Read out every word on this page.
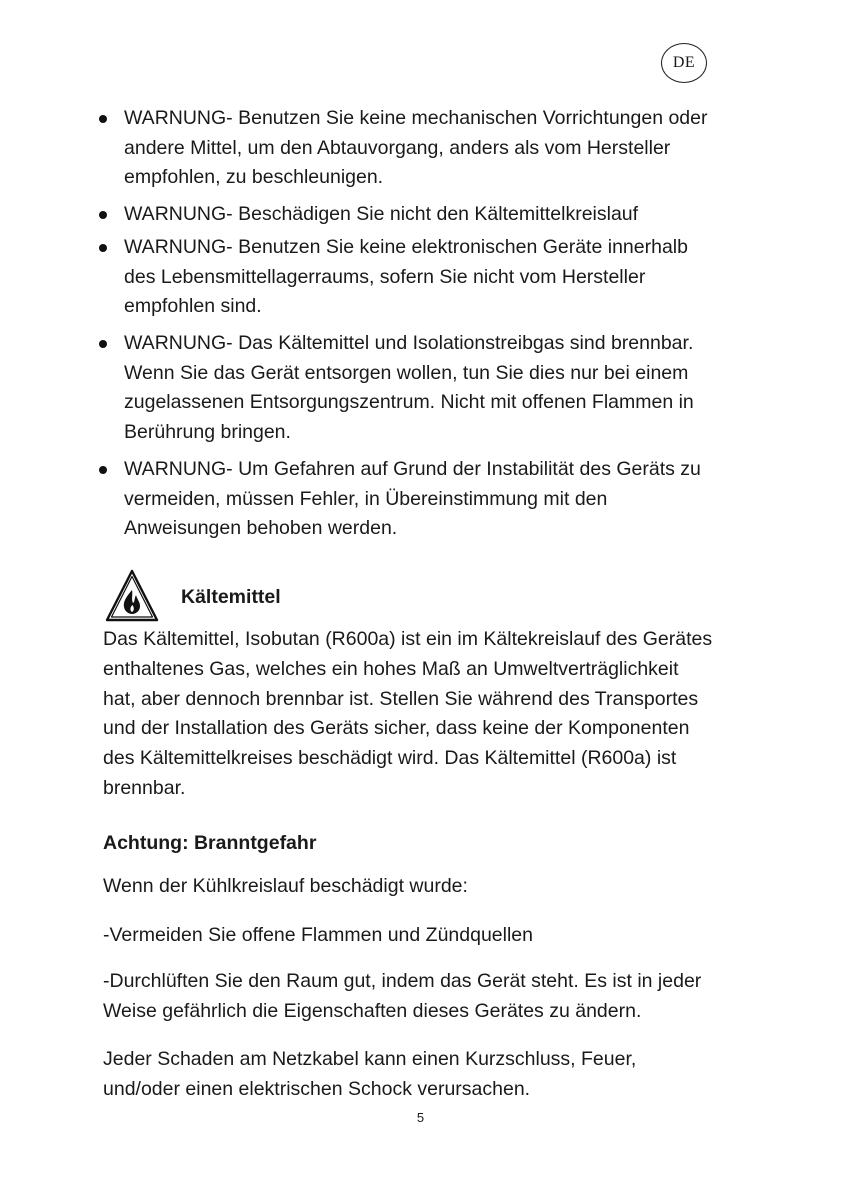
DE
WARNUNG- Benutzen Sie keine mechanischen Vorrichtungen oder
andere Mittel, um den Abtauvorgang, anders als vom Hersteller
empfohlen, zu beschleunigen.
WARNUNG- Beschädigen Sie nicht den Kältemittelkreislauf
WARNUNG- Benutzen Sie keine elektronischen Geräte innerhalb
des Lebensmittellagerraums, sofern Sie nicht vom Hersteller
empfohlen sind.
WARNUNG- Das Kältemittel und Isolationstreibgas sind brennbar.
Wenn Sie das Gerät entsorgen wollen, tun Sie dies nur bei einem
zugelassenen Entsorgungszentrum. Nicht mit offenen Flammen in
Berührung bringen.
WARNUNG- Um Gefahren auf Grund der Instabilität des Geräts zu
vermeiden, müssen Fehler, in Übereinstimmung mit den
Anweisungen behoben werden.
Kältemittel
Das Kältemittel, Isobutan (R600a) ist ein im Kältekreislauf des Gerätes
enthaltenes Gas, welches ein hohes Maß an Umweltverträglichkeit
hat, aber dennoch brennbar ist. Stellen Sie während des Transportes
und der Installation des Geräts sicher, dass keine der Komponenten
des Kältemittelkreises beschädigt wird. Das Kältemittel (R600a) ist
brennbar.
Achtung: Branntgefahr
Wenn der Kühlkreislauf beschädigt wurde:
-Vermeiden Sie offene Flammen und Zündquellen
-Durchlüften Sie den Raum gut, indem das Gerät steht. Es ist in jeder
Weise gefährlich die Eigenschaften dieses Gerätes zu ändern.
Jeder Schaden am Netzkabel kann einen Kurzschluss, Feuer,
und/oder einen elektrischen Schock verursachen.
5
